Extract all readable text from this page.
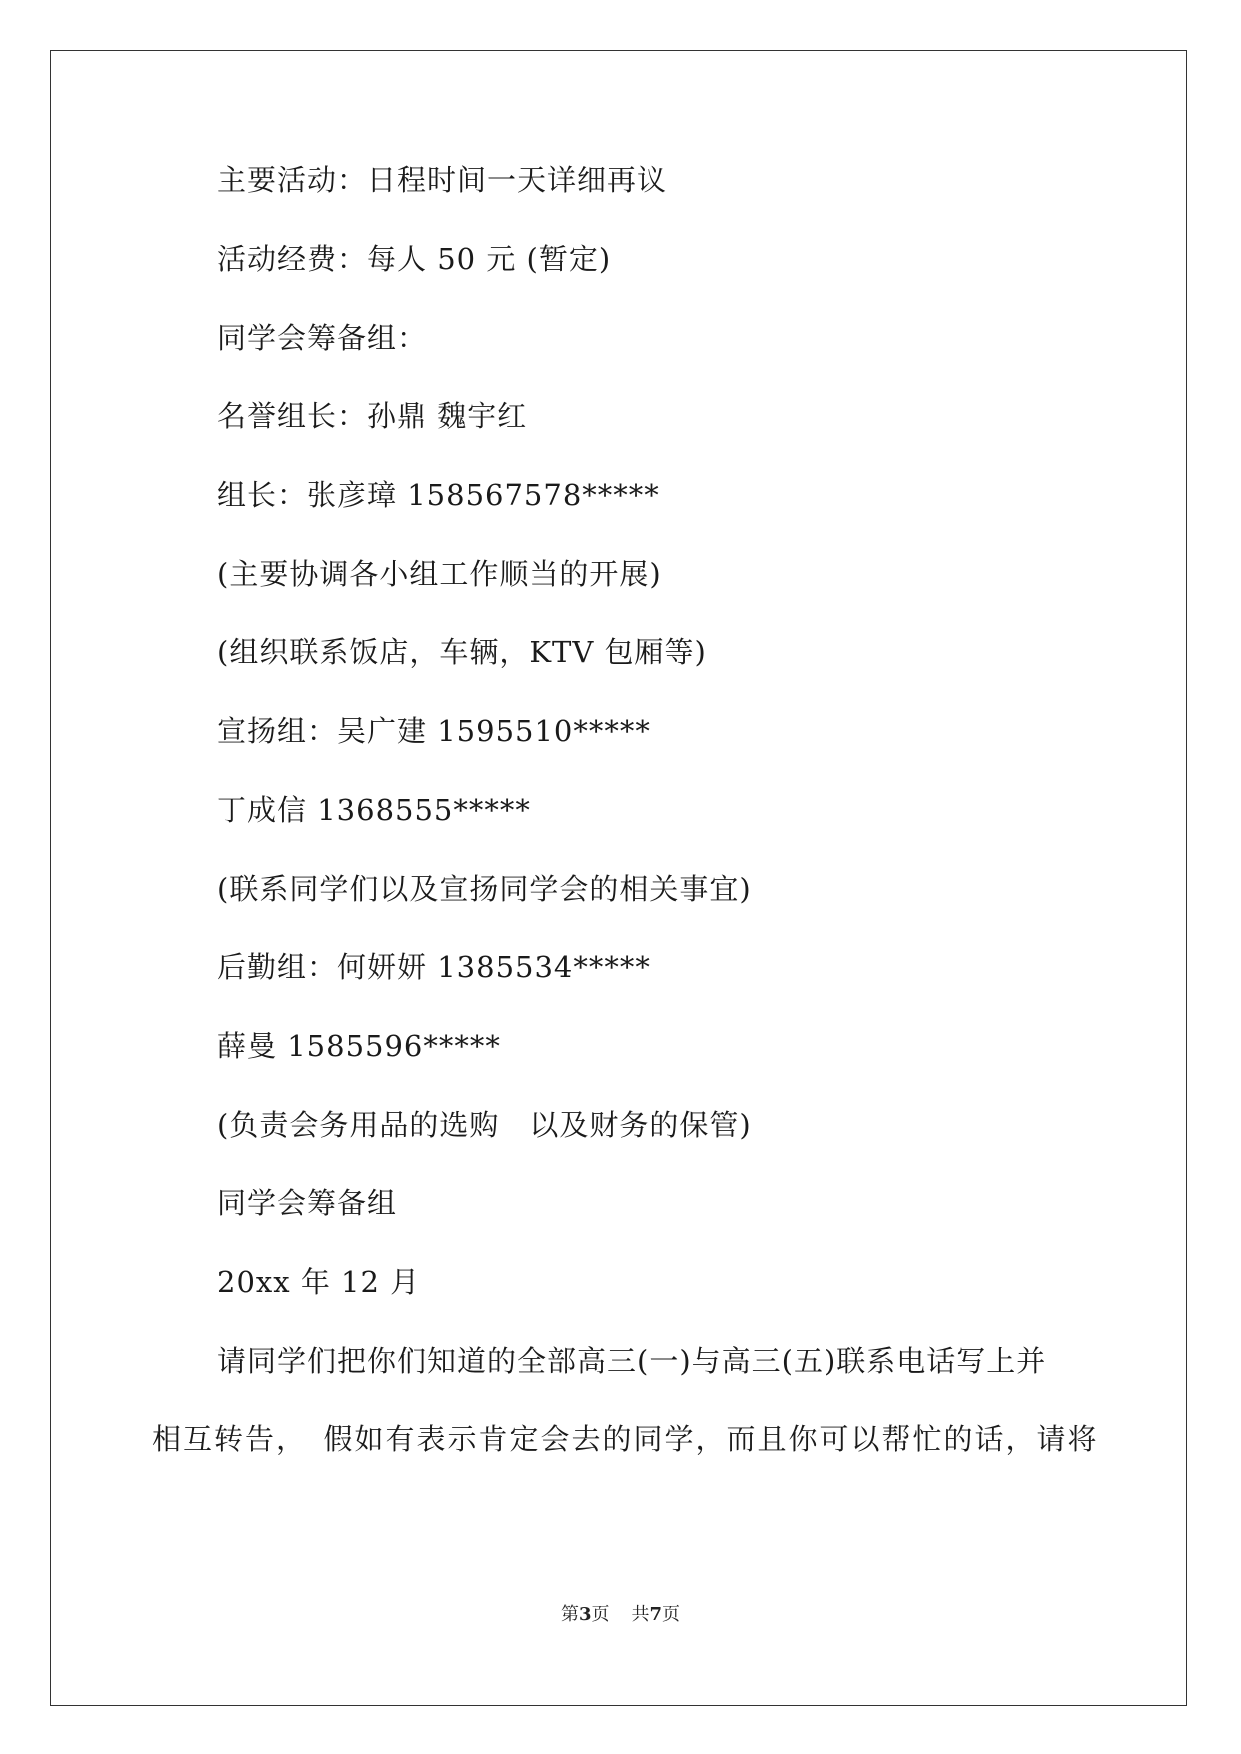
主要活动：日程时间一天详细再议
活动经费：每人 50 元 (暂定)
同学会筹备组：
名誉组长：孙鼎 魏宇红
组长：张彦璋 158567578*****
(主要协调各小组工作顺当的开展)
(组织联系饭店，车辆，KTV 包厢等)
宣扬组：吴广建 1595510*****
丁成信 1368555*****
(联系同学们以及宣扬同学会的相关事宜)
后勤组：何妍妍 1385534*****
薛曼 1585596*****
(负责会务用品的选购　以及财务的保管)
同学会筹备组
20xx 年 12 月
请同学们把你们知道的全部高三(一)与高三(五)联系电话写上并
相互转告，　假如有表示肯定会去的同学，而且你可以帮忙的话，请将
第3页 共7页
